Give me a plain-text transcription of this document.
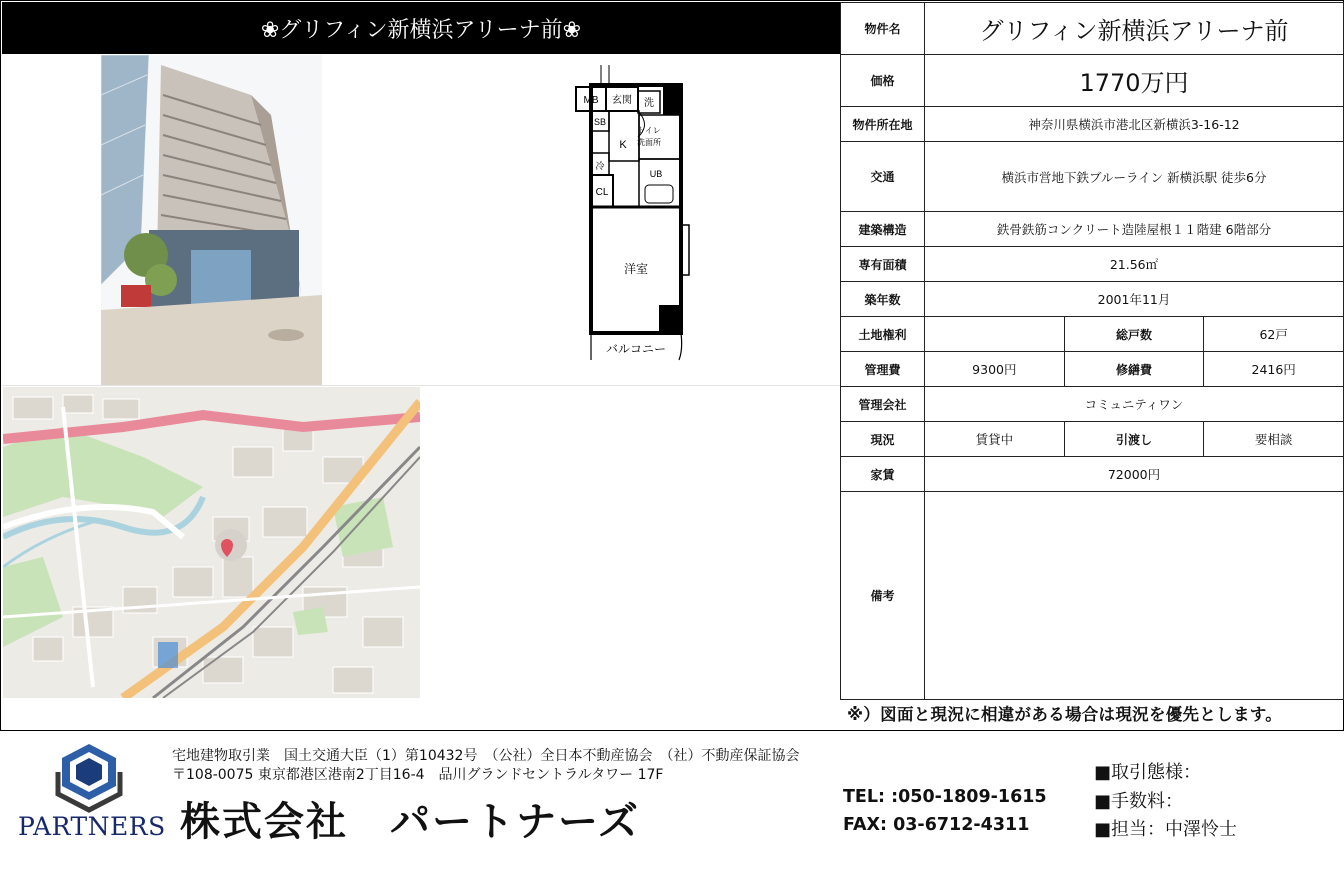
❀グリフィン新横浜アリーナ前❀
MB 玄関 洗
SB
K
トイレ
洗面所
冷
UB
CL
洋室
バルコニー
物件名	グリフィン新横浜アリーナ前		
価格	1770万円		
物件所在地	神奈川県横浜市港北区新横浜3-16-12		
交通	横浜市営地下鉄ブルーライン 新横浜駅 徒歩6分		
建築構造	鉄骨鉄筋コンクリート造陸屋根１１階建 6階部分		
専有面積	21.56㎡		
築年数	2001年11月		
土地権利		総戸数	62戸
管理費	9300円	修繕費	2416円
管理会社	コミュニティワン		
現況	賃貸中	引渡し	要相談
家賃	72000円		
備考			
※）図面と現況に相違がある場合は現況を優先とします。
PARTNERS
宅地建物取引業　国土交通大臣（1）第10432号　（公社）全日本不動産協会　（社）不動産保証協会
〒108-0075 東京都港区港南2丁目16-4　品川グランドセントラルタワー 17F
株式会社　パートナーズ
TEL: :050-1809-1615
FAX: 03-6712-4311
■取引態様：
■手数料：
■担当：中澤怜士
